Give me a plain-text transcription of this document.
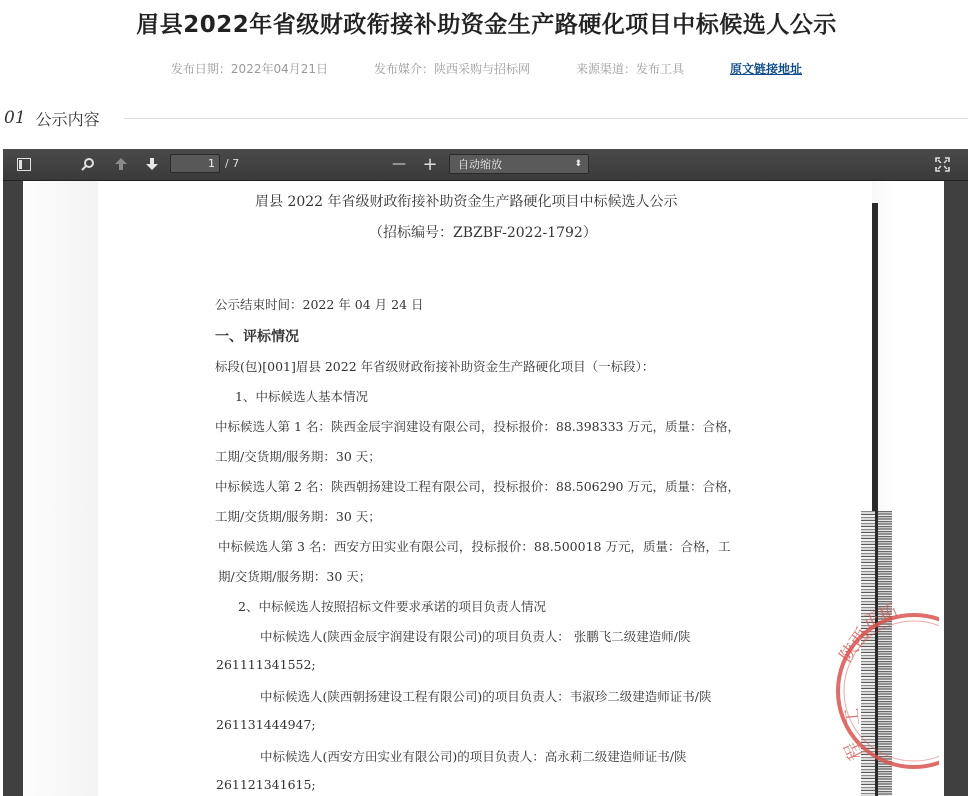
眉县2022年省级财政衔接补助资金生产路硬化项目中标候选人公示
发布日期：2022年04月21日	发布媒介：陕西采购与招标网	来源渠道：发布工具	原文链接地址
01 公示内容
1 / 7	— +	自动缩放	⬍
陕西
正拓
工
程
眉县 2022 年省级财政衔接补助资金生产路硬化项目中标候选人公示
（招标编号：ZBZBF-2022-1792）
公示结束时间：2022 年 04 月 24 日
一、评标情况
标段(包)[001]眉县 2022 年省级财政衔接补助资金生产路硬化项目（一标段）：
1、中标候选人基本情况
中标候选人第 1 名：陕西金辰宇润建设有限公司，投标报价：88.398333 万元，质量：合格，
工期/交货期/服务期：30 天；
中标候选人第 2 名：陕西朝扬建设工程有限公司，投标报价：88.506290 万元，质量：合格，
工期/交货期/服务期：30 天；
中标候选人第 3 名：西安方田实业有限公司，投标报价：88.500018 万元，质量：合格，工
期/交货期/服务期：30 天；
2、中标候选人按照招标文件要求承诺的项目负责人情况
中标候选人(陕西金辰宇润建设有限公司)的项目负责人： 张鹏飞二级建造师/陕
261111341552;
中标候选人(陕西朝扬建设工程有限公司)的项目负责人：韦淑珍二级建造师证书/陕
261131444947;
中标候选人(西安方田实业有限公司)的项目负责人：高永莉二级建造师证书/陕
261121341615;
